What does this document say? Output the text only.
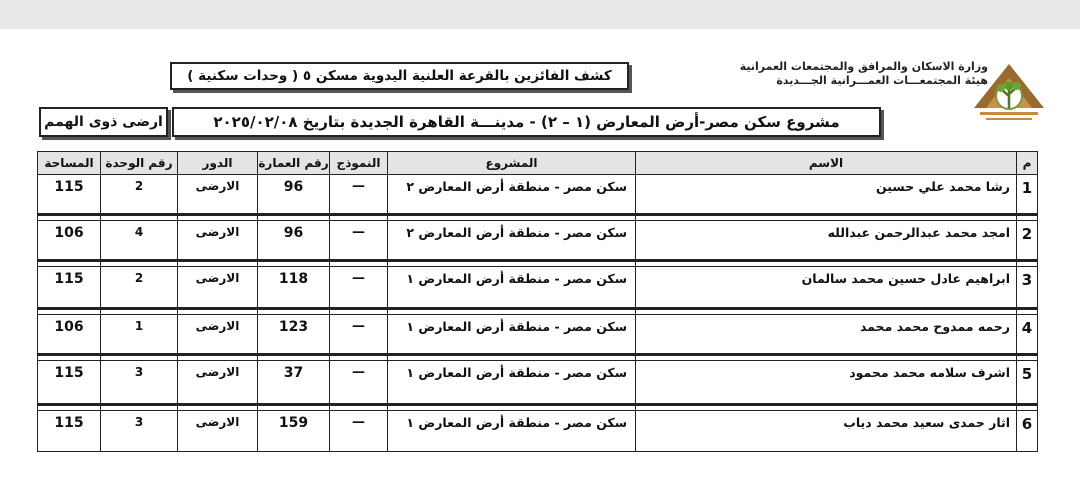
وزارة الاسكان والمرافق والمجتمعات العمرانية
هيئة المجتمعـــات العمـــرانية الجـــديدة
كشف الفائزين بالقرعة العلنية اليدوية مسكن ٥ ( وحدات سكنية )
مشروع سكن مصر-أرض المعارض (١ – ٢) - مدينـــة القاهرة الجديدة بتاريخ ٢٠٢٥/٠٢/٠٨
ارضى ذوى الهمم
المساحة	رقم الوحدة	الدور	رقم العمارة	النموذج	المشروع	الاسم	م
115	2	الارضى	96	—	سكن مصر - منطقة أرض المعارض ٢	رشا محمد علي حسين	1

106	4	الارضى	96	—	سكن مصر - منطقة أرض المعارض ٢	امجد محمد عبدالرحمن عبدالله	2

115	2	الارضى	118	—	سكن مصر - منطقة أرض المعارض ١	ابراهيم عادل حسين محمد سالمان	3

106	1	الارضى	123	—	سكن مصر - منطقة أرض المعارض ١	رحمه ممدوح محمد محمد	4

115	3	الارضى	37	—	سكن مصر - منطقة أرض المعارض ١	اشرف سلامه محمد محمود	5

115	3	الارضى	159	—	سكن مصر - منطقة أرض المعارض ١	اثار حمدى سعيد محمد دياب	6
